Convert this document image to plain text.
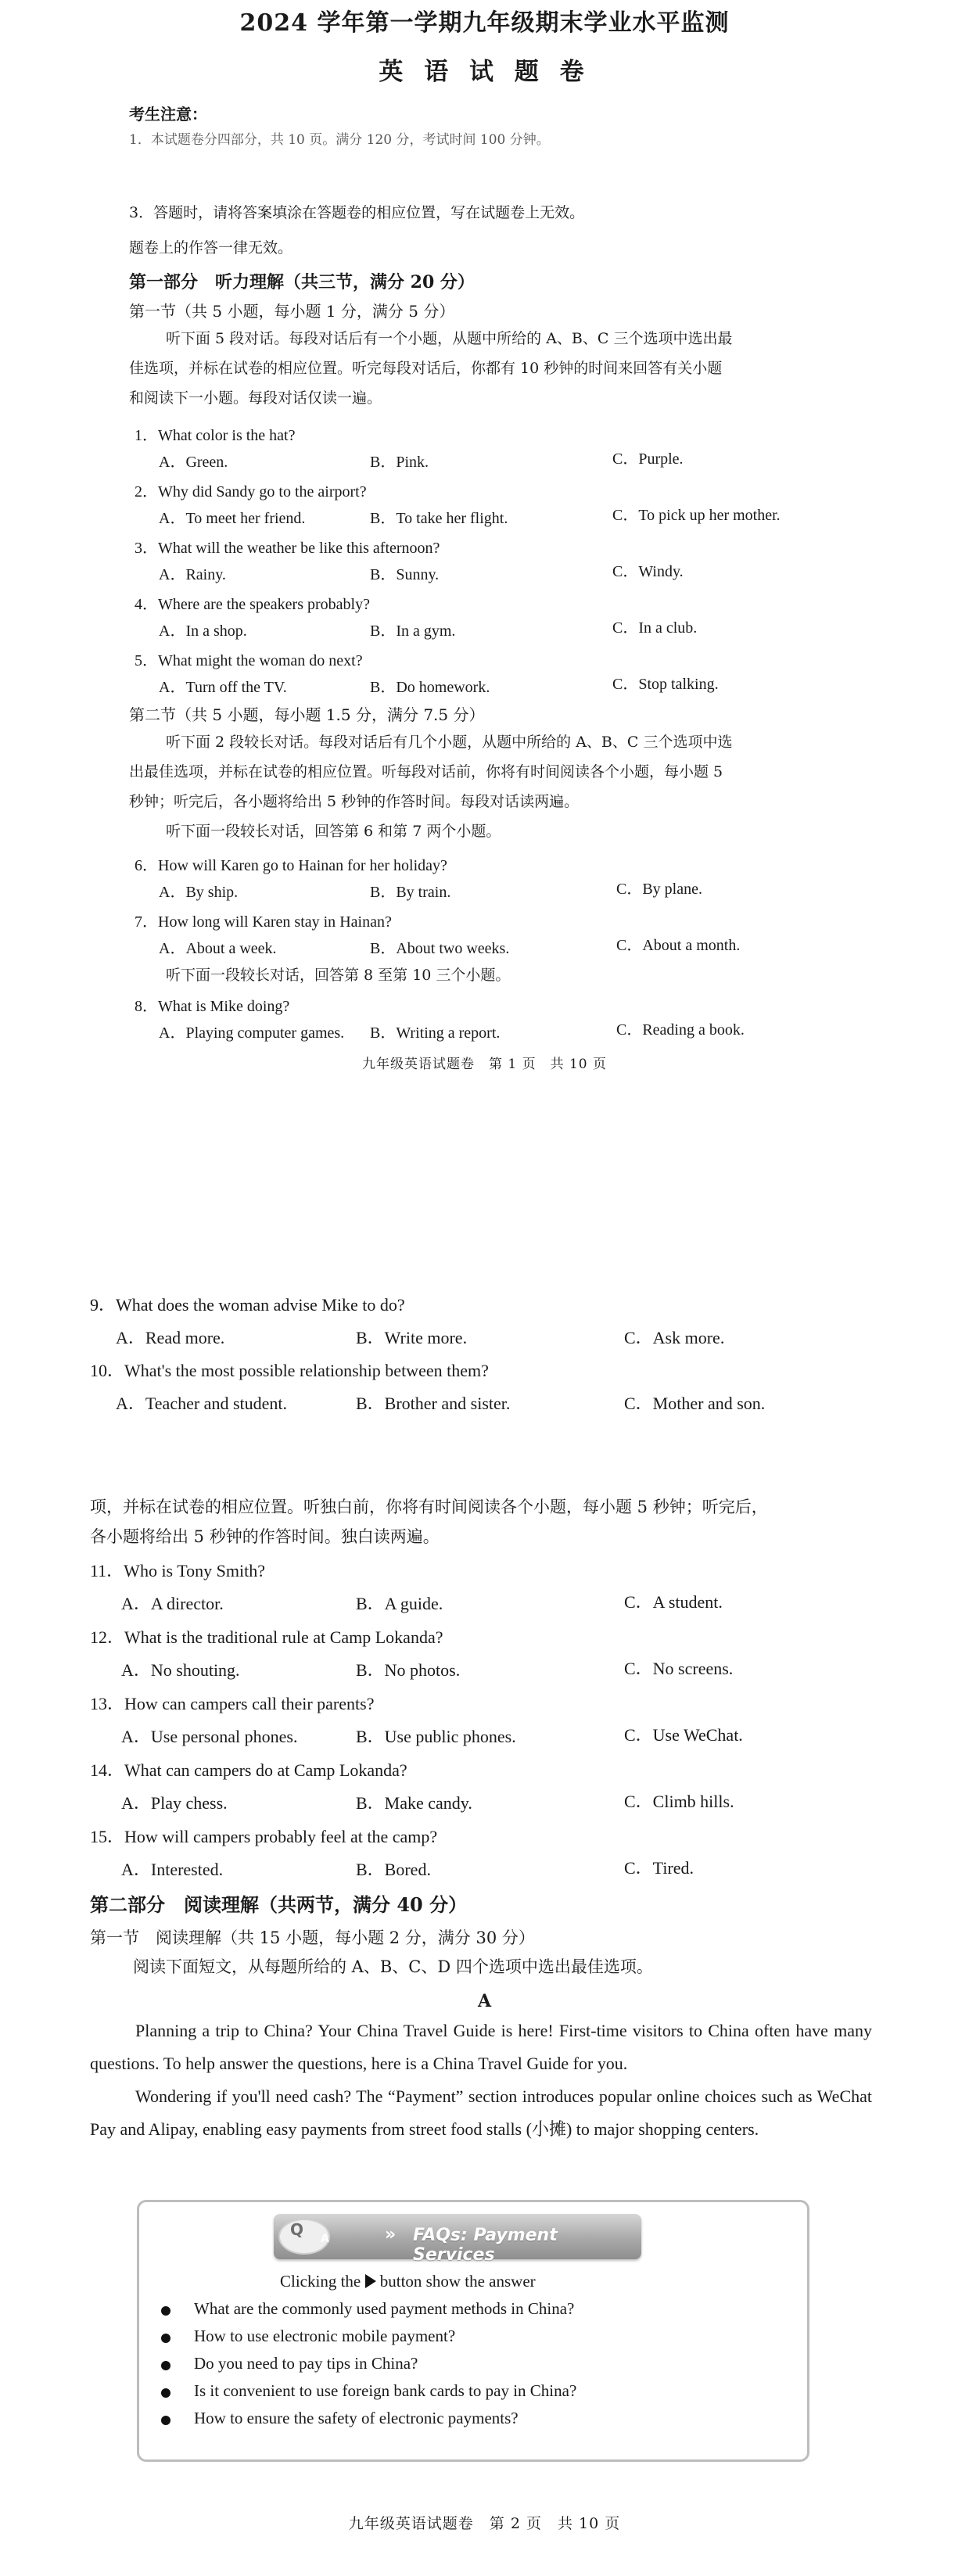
2024 学年第一学期九年级期末学业水平监测
英 语 试 题 卷
考生注意：
1．本试题卷分四部分，共 10 页。满分 120 分，考试时间 100 分钟。
3．答题时，请将答案填涂在答题卷的相应位置，写在试题卷上无效。
题卷上的作答一律无效。
第一部分　听力理解（共三节，满分 20 分）
第一节（共 5 小题，每小题 1 分，满分 5 分）
听下面 5 段对话。每段对话后有一个小题，从题中所给的 A、B、C 三个选项中选出最
佳选项，并标在试卷的相应位置。听完每段对话后，你都有 10 秒钟的时间来回答有关小题
和阅读下一小题。每段对话仅读一遍。
1．What color is the hat?
A．Green.	B．Pink.	C．Purple.
2．Why did Sandy go to the airport?
A．To meet her friend.	B．To take her flight.	C．To pick up her mother.
3．What will the weather be like this afternoon?
A．Rainy.	B．Sunny.	C．Windy.
4．Where are the speakers probably?
A．In a shop.	B．In a gym.	C．In a club.
5．What might the woman do next?
A．Turn off the TV.	B．Do homework.	C．Stop talking.
第二节（共 5 小题，每小题 1.5 分，满分 7.5 分）
听下面 2 段较长对话。每段对话后有几个小题，从题中所给的 A、B、C 三个选项中选
出最佳选项，并标在试卷的相应位置。听每段对话前，你将有时间阅读各个小题，每小题 5
秒钟；听完后，各小题将给出 5 秒钟的作答时间。每段对话读两遍。
听下面一段较长对话，回答第 6 和第 7 两个小题。
6．How will Karen go to Hainan for her holiday?
A．By ship.	B．By train.	C．By plane.
7．How long will Karen stay in Hainan?
A．About a week.	B．About two weeks.	C．About a month.
听下面一段较长对话，回答第 8 至第 10 三个小题。
8．What is Mike doing?
A．Playing computer games. B．Writing a report.	C．Reading a book.
九年级英语试题卷　第 1 页　共 10 页
9．What does the woman advise Mike to do?
A．Read more.	B．Write more.	C．Ask more.
10．What's the most possible relationship between them?
A．Teacher and student.	B．Brother and sister.	C．Mother and son.
项，并标在试卷的相应位置。听独白前，你将有时间阅读各个小题，每小题 5 秒钟；听完后，
各小题将给出 5 秒钟的作答时间。独白读两遍。
11．Who is Tony Smith?
A．A director.	B．A guide.	C．A student.
12．What is the traditional rule at Camp Lokanda?
A．No shouting.	B．No photos.	C．No screens.
13．How can campers call their parents?
A．Use personal phones.	B．Use public phones.	C．Use WeChat.
14．What can campers do at Camp Lokanda?
A．Play chess.	B．Make candy.	C．Climb hills.
15．How will campers probably feel at the camp?
A．Interested.	B．Bored.	C．Tired.
第二部分　阅读理解（共两节，满分 40 分）
第一节　阅读理解（共 15 小题，每小题 2 分，满分 30 分）
阅读下面短文，从每题所给的 A、B、C、D 四个选项中选出最佳选项。
A
Planning a trip to China? Your China Travel Guide is here! First-time visitors to China often have many questions. To help answer the questions, here is a China Travel Guide for you.
Wondering if you'll need cash? The “Payment” section introduces popular online choices such as WeChat Pay and Alipay, enabling easy payments from street food stalls (小摊) to major shopping centers.
Q A	» FAQs: Payment Services
Clicking the button show the answer
What are the commonly used payment methods in China?
How to use electronic mobile payment?
Do you need to pay tips in China?
Is it convenient to use foreign bank cards to pay in China?
How to ensure the safety of electronic payments?
九年级英语试题卷　第 2 页　共 10 页
